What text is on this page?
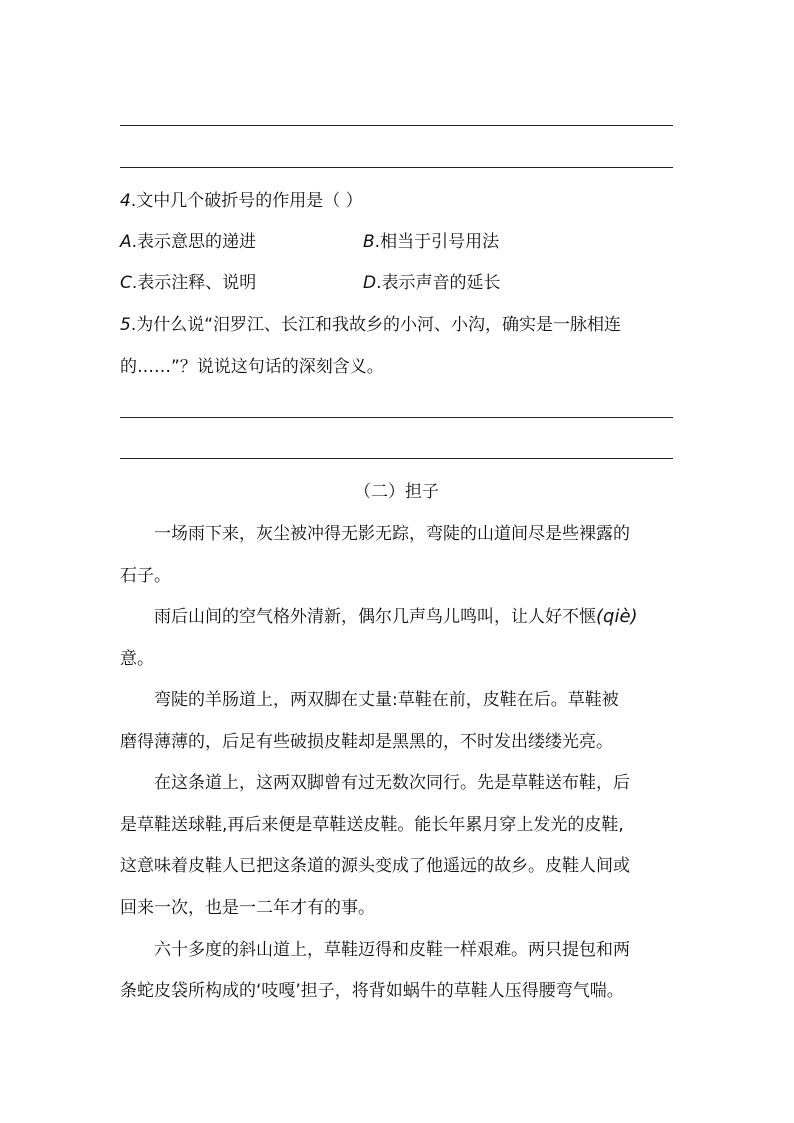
4.文中几个破折号的作用是（ ）
A.表示意思的递进	B.相当于引号用法
C.表示注释、说明	D.表示声音的延长
5.为什么说“汨罗江、长江和我故乡的小河、小沟，确实是一脉相连
的……”？说说这句话的深刻含义。
（二）担子
　　一场雨下来，灰尘被冲得无影无踪，弯陡的山道间尽是些裸露的
石子。
　　雨后山间的空气格外清新，偶尔几声鸟儿鸣叫，让人好不惬(qiè)
意。
　　弯陡的羊肠道上，两双脚在丈量:草鞋在前，皮鞋在后。草鞋被
磨得薄薄的，后足有些破损皮鞋却是黑黑的，不时发出缕缕光亮。
　　在这条道上，这两双脚曾有过无数次同行。先是草鞋送布鞋，后
是草鞋送球鞋,再后来便是草鞋送皮鞋。能长年累月穿上发光的皮鞋,
这意味着皮鞋人已把这条道的源头变成了他遥远的故乡。皮鞋人间或
回来一次，也是一二年才有的事。
　　六十多度的斜山道上，草鞋迈得和皮鞋一样艰难。两只提包和两
条蛇皮袋所构成的‘吱嘎’担子，将背如蜗牛的草鞋人压得腰弯气喘。
